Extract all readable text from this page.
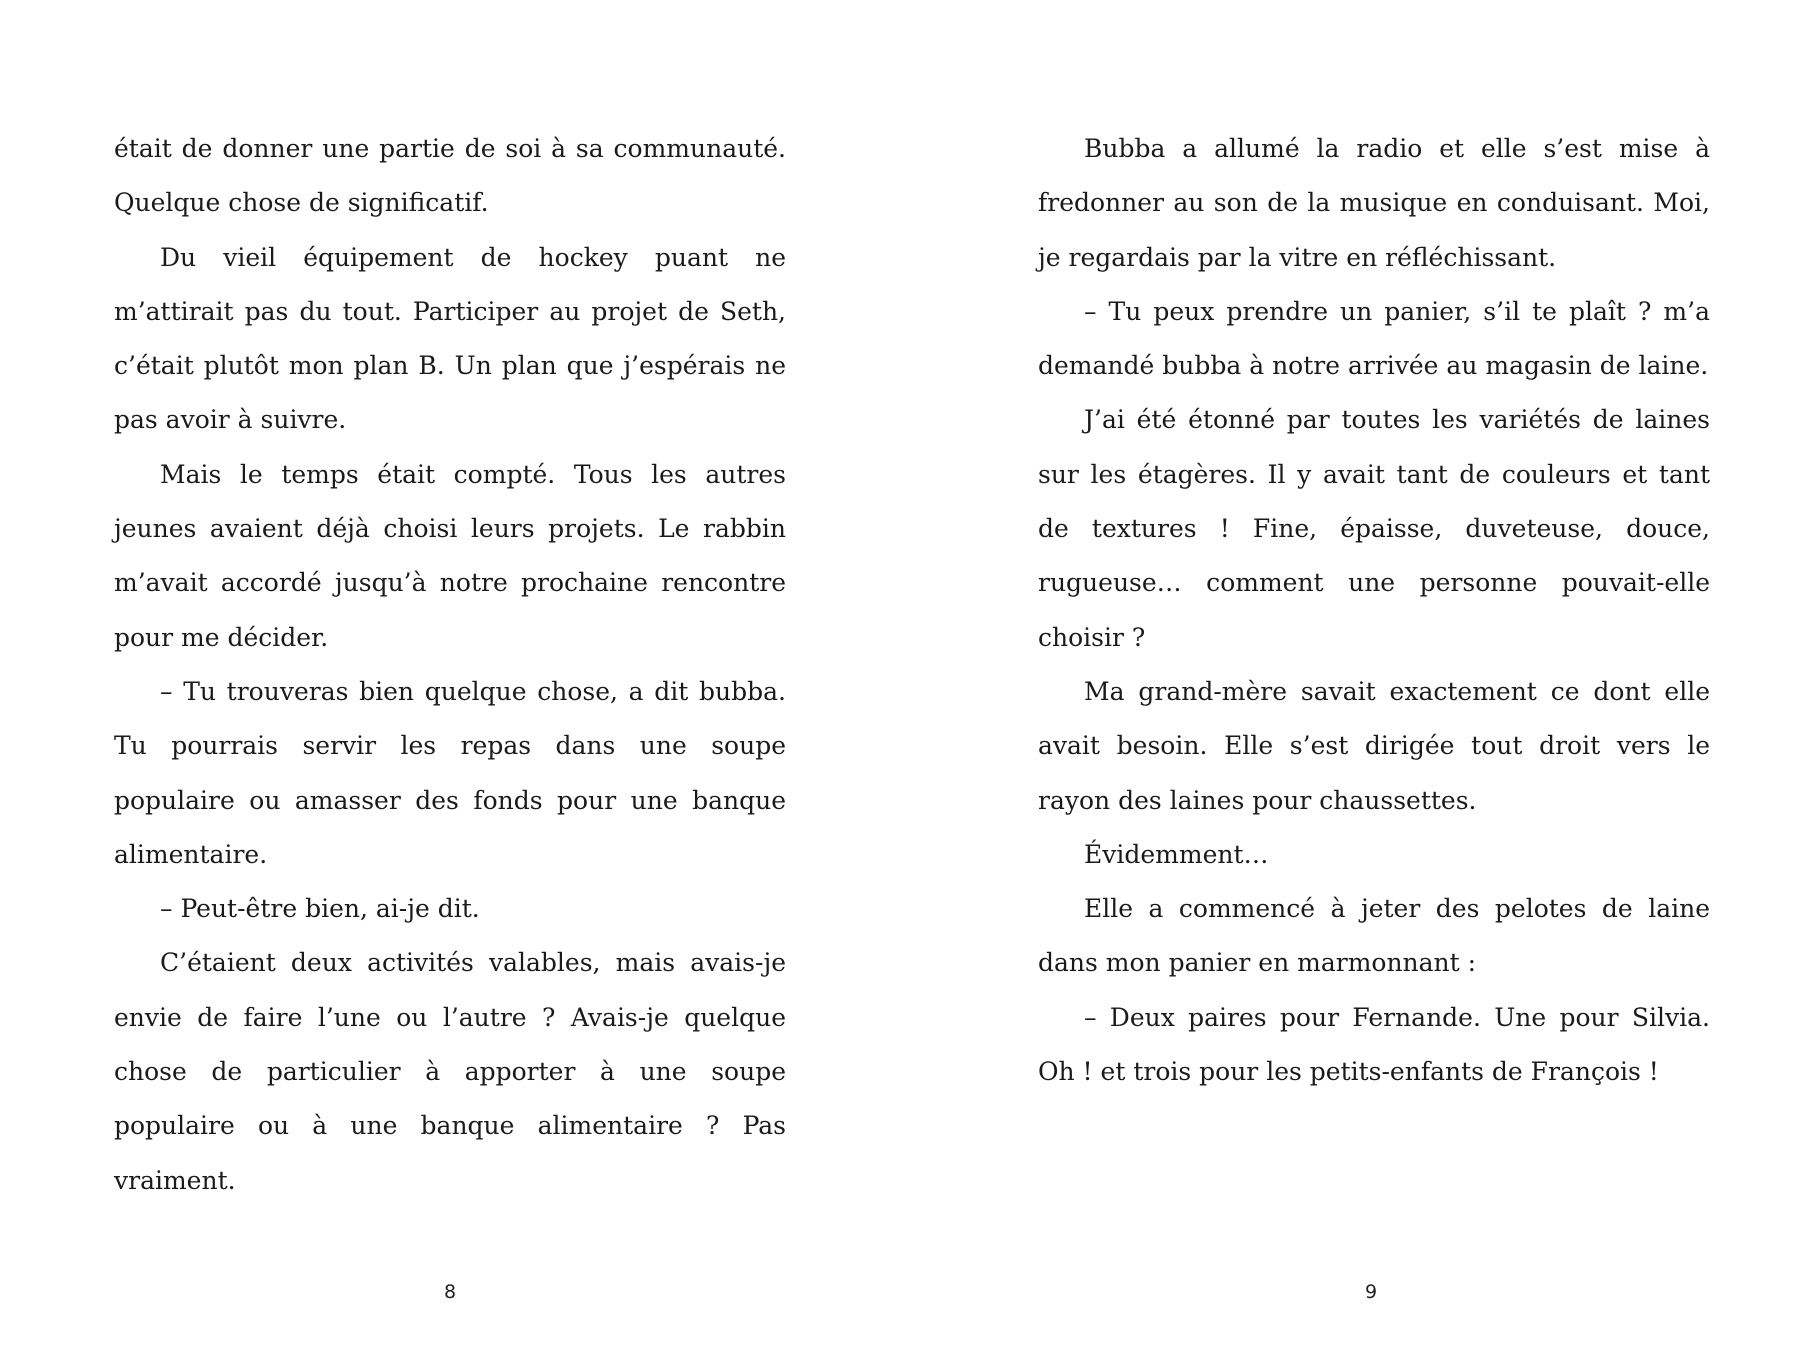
était de donner une partie de soi à sa communauté. Quelque chose de significatif.

Du vieil équipement de hockey puant ne m’attirait pas du tout. Participer au projet de Seth, c’était plutôt mon plan B. Un plan que j’espérais ne pas avoir à suivre.

Mais le temps était compté. Tous les autres jeunes avaient déjà choisi leurs projets. Le rabbin m’avait accordé jusqu’à notre prochaine rencontre pour me décider.

– Tu trouveras bien quelque chose, a dit bubba. Tu pourrais servir les repas dans une soupe populaire ou amasser des fonds pour une banque alimentaire.

– Peut-être bien, ai-je dit.

C’étaient deux activités valables, mais avais-je envie de faire l’une ou l’autre ? Avais-je quelque chose de particulier à apporter à une soupe populaire ou à une banque alimentaire ? Pas vraiment.

8

Bubba a allumé la radio et elle s’est mise à fredonner au son de la musique en conduisant. Moi, je regardais par la vitre en réfléchissant.

– Tu peux prendre un panier, s’il te plaît ? m’a demandé bubba à notre arrivée au magasin de laine.

J’ai été étonné par toutes les variétés de laines sur les étagères. Il y avait tant de couleurs et tant de textures ! Fine, épaisse, duveteuse, douce, rugueuse… comment une personne pouvait-elle choisir ?

Ma grand-mère savait exactement ce dont elle avait besoin. Elle s’est dirigée tout droit vers le rayon des laines pour chaussettes.

Évidemment…

Elle a commencé à jeter des pelotes de laine dans mon panier en marmonnant :

– Deux paires pour Fernande. Une pour Silvia. Oh ! et trois pour les petits-enfants de François !

9
